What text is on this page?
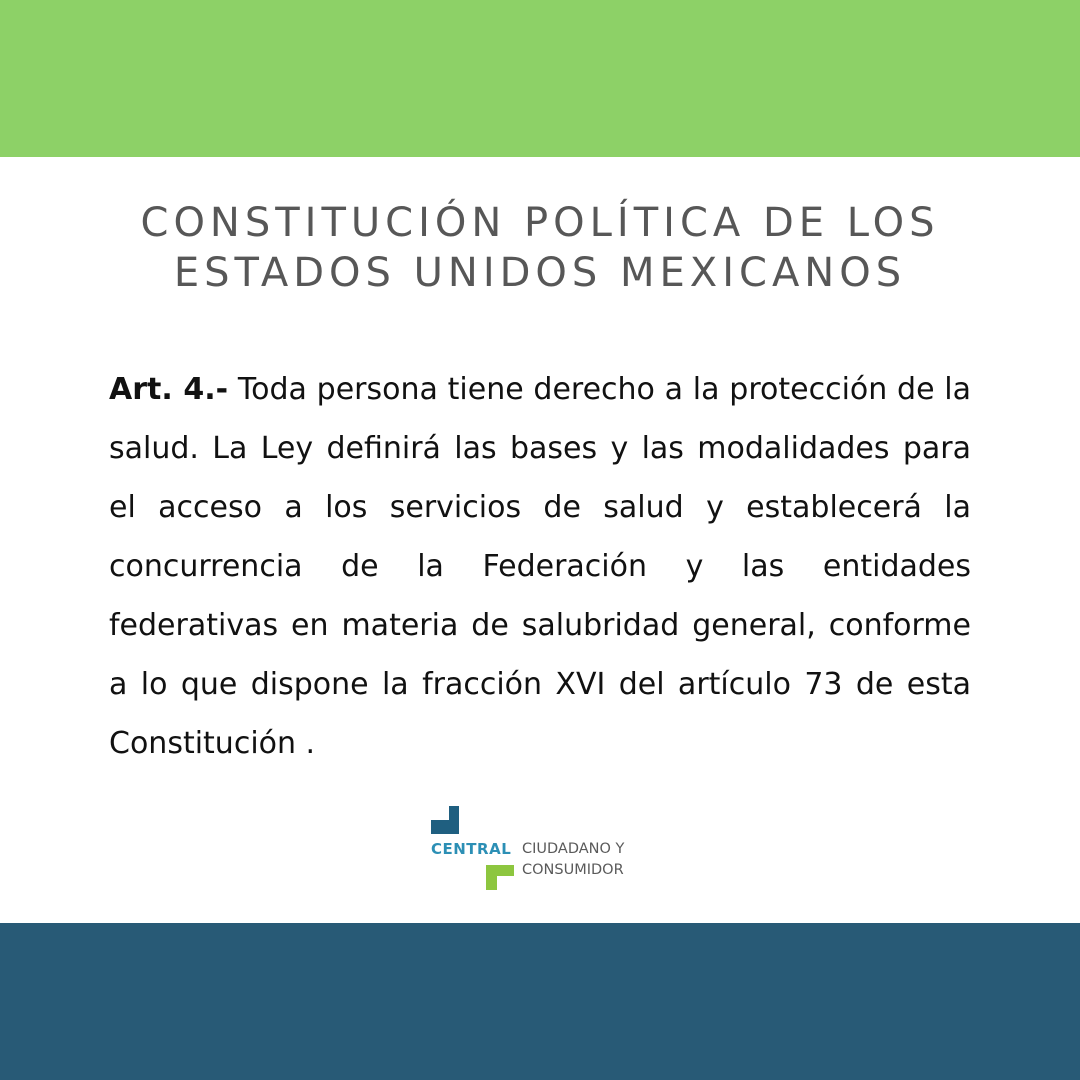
CONSTITUCIÓN POLÍTICA DE LOS
ESTADOS UNIDOS MEXICANOS
Art. 4.- Toda persona tiene derecho a la protección de la salud. La Ley definirá las bases y las modalidades para el acceso a los servicios de salud y establecerá la concurrencia de la Federación y las entidades federativas en materia de salubridad general, conforme a lo que dispone la fracción XVI del artículo 73 de esta Constitución .
CENTRAL CIUDADANO Y
CONSUMIDOR
